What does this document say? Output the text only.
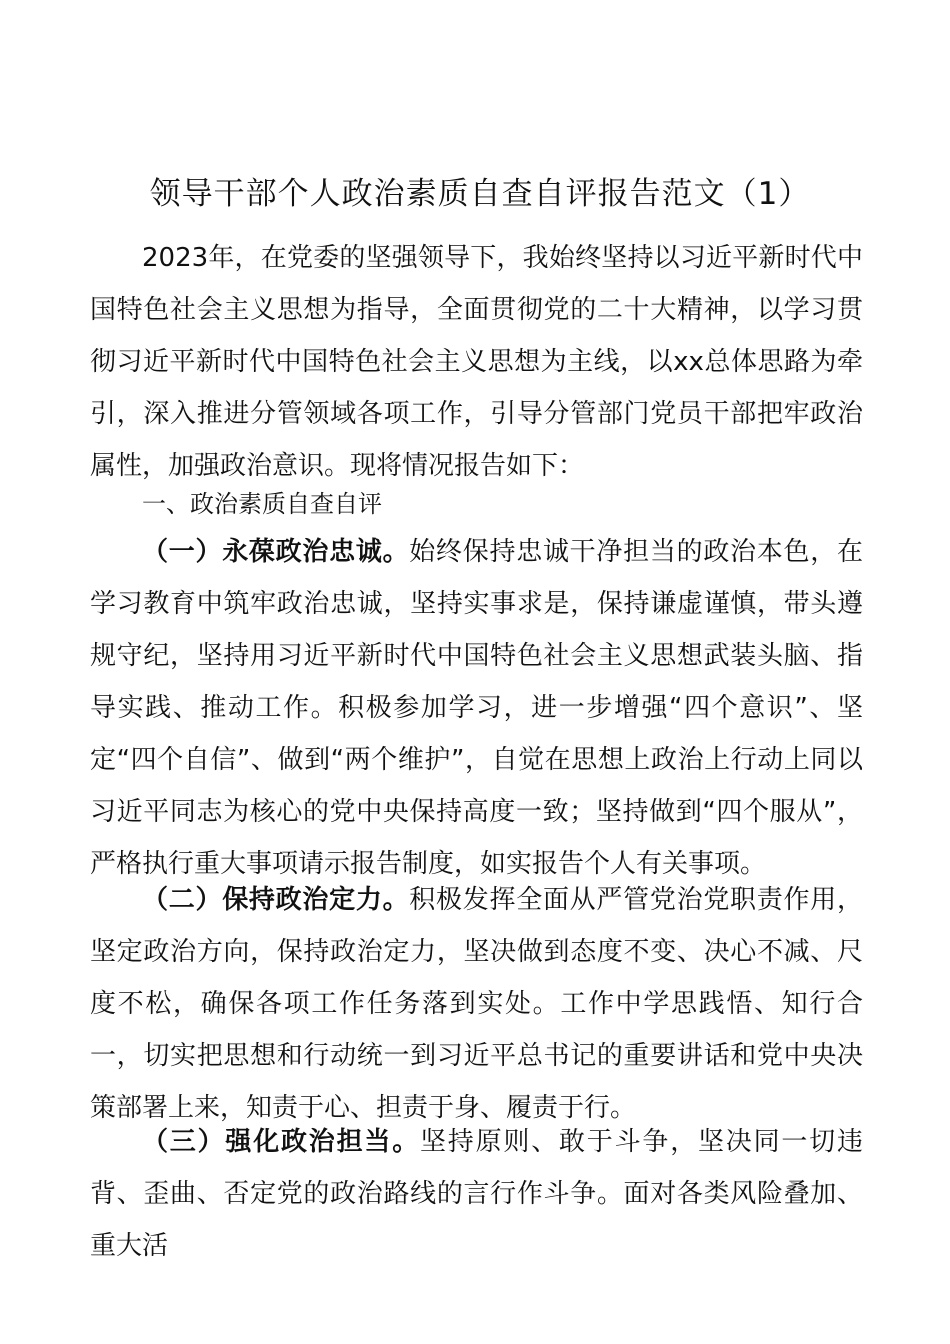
领导干部个人政治素质自查自评报告范文（1）

2023年，在党委的坚强领导下，我始终坚持以习近平新时代中国特色社会主义思想为指导，全面贯彻党的二十大精神，以学习贯彻习近平新时代中国特色社会主义思想为主线，以xx总体思路为牵引，深入推进分管领域各项工作，引导分管部门党员干部把牢政治属性，加强政治意识。现将情况报告如下：

一、政治素质自查自评

（一）永葆政治忠诚。始终保持忠诚干净担当的政治本色，在学习教育中筑牢政治忠诚，坚持实事求是，保持谦虚谨慎，带头遵规守纪，坚持用习近平新时代中国特色社会主义思想武装头脑、指导实践、推动工作。积极参加学习，进一步增强“四个意识”、坚定“四个自信”、做到“两个维护”，自觉在思想上政治上行动上同以习近平同志为核心的党中央保持高度一致；坚持做到“四个服从”，严格执行重大事项请示报告制度，如实报告个人有关事项。

（二）保持政治定力。积极发挥全面从严管党治党职责作用，坚定政治方向，保持政治定力，坚决做到态度不变、决心不减、尺度不松，确保各项工作任务落到实处。工作中学思践悟、知行合一，切实把思想和行动统一到习近平总书记的重要讲话和党中央决策部署上来，知责于心、担责于身、履责于行。

（三）强化政治担当。坚持原则、敢于斗争，坚决同一切违背、歪曲、否定党的政治路线的言行作斗争。面对各类风险叠加、重大活
